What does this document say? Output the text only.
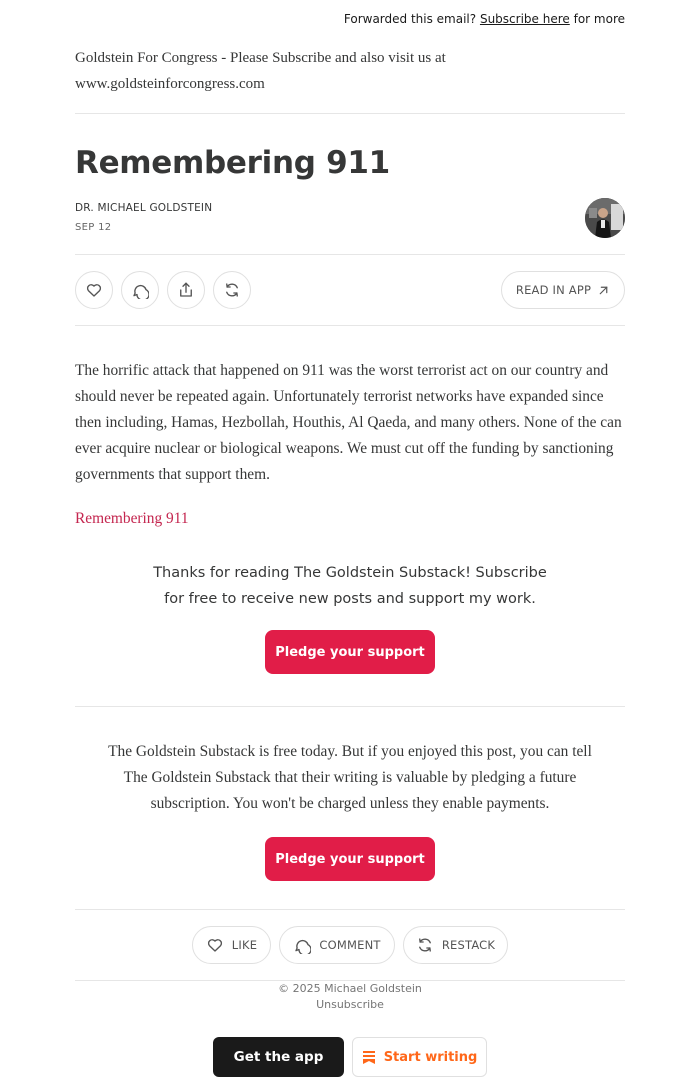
Forwarded this email? Subscribe here for more
Goldstein For Congress - Please Subscribe and also visit us at www.goldsteinforcongress.com
Remembering 911
DR. MICHAEL GOLDSTEIN
SEP 12
READ IN APP

The horrific attack that happened on 911 was the worst terrorist act on our country and should never be repeated again. Unfortunately terrorist networks have expanded since then including, Hamas, Hezbollah, Houthis, Al Qaeda, and many others. None of the can ever acquire nuclear or biological weapons. We must cut off the funding by sanctioning governments that support them.

Remembering 911

Thanks for reading The Goldstein Substack! Subscribe for free to receive new posts and support my work.

Pledge your support

The Goldstein Substack is free today. But if you enjoyed this post, you can tell The Goldstein Substack that their writing is valuable by pledging a future subscription. You won't be charged unless they enable payments.

Pledge your support
LIKE	COMMENT	RESTACK
© 2025 Michael Goldstein
Unsubscribe
Get the app	Start writing
